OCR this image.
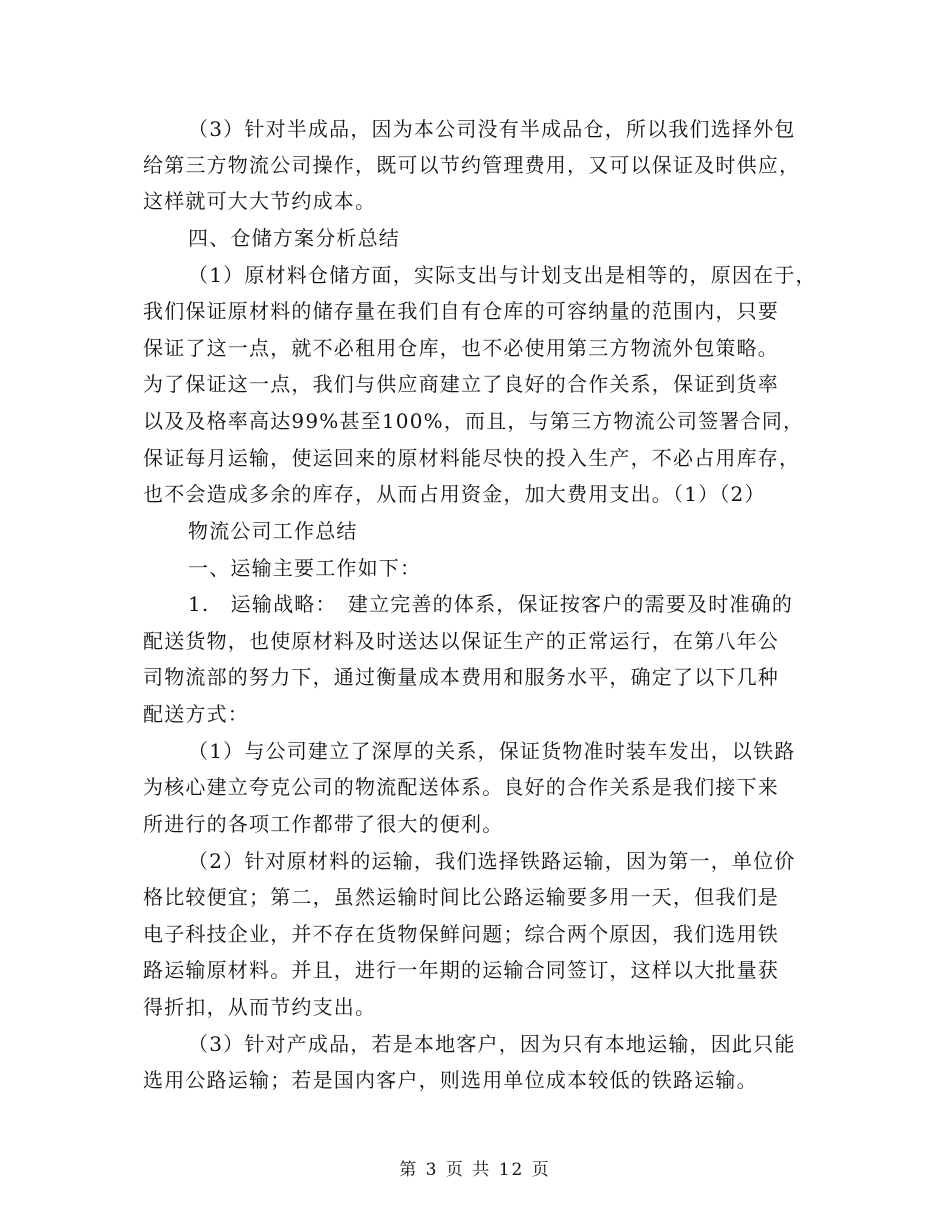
（3）针对半成品，因为本公司没有半成品仓，所以我们选择外包
给第三方物流公司操作，既可以节约管理费用，又可以保证及时供应，
这样就可大大节约成本。
四、仓储方案分析总结
（1）原材料仓储方面，实际支出与计划支出是相等的，原因在于，
我们保证原材料的储存量在我们自有仓库的可容纳量的范围内，只要
保证了这一点，就不必租用仓库，也不必使用第三方物流外包策略。
为了保证这一点，我们与供应商建立了良好的合作关系，保证到货率
以及及格率高达99%甚至100%，而且，与第三方物流公司签署合同，
保证每月运输，使运回来的原材料能尽快的投入生产，不必占用库存，
也不会造成多余的库存，从而占用资金，加大费用支出。（1）（2）
物流公司工作总结
一、运输主要工作如下：
1.　运输战略：　建立完善的体系，保证按客户的需要及时准确的
配送货物，也使原材料及时送达以保证生产的正常运行，在第八年公
司物流部的努力下，通过衡量成本费用和服务水平，确定了以下几种
配送方式：
（1）与公司建立了深厚的关系，保证货物准时装车发出，以铁路
为核心建立夸克公司的物流配送体系。良好的合作关系是我们接下来
所进行的各项工作都带了很大的便利。
（2）针对原材料的运输，我们选择铁路运输，因为第一，单位价
格比较便宜；第二，虽然运输时间比公路运输要多用一天，但我们是
电子科技企业，并不存在货物保鲜问题；综合两个原因，我们选用铁
路运输原材料。并且，进行一年期的运输合同签订，这样以大批量获
得折扣，从而节约支出。
（3）针对产成品，若是本地客户，因为只有本地运输，因此只能
选用公路运输；若是国内客户，则选用单位成本较低的铁路运输。
第 3 页 共 12 页
